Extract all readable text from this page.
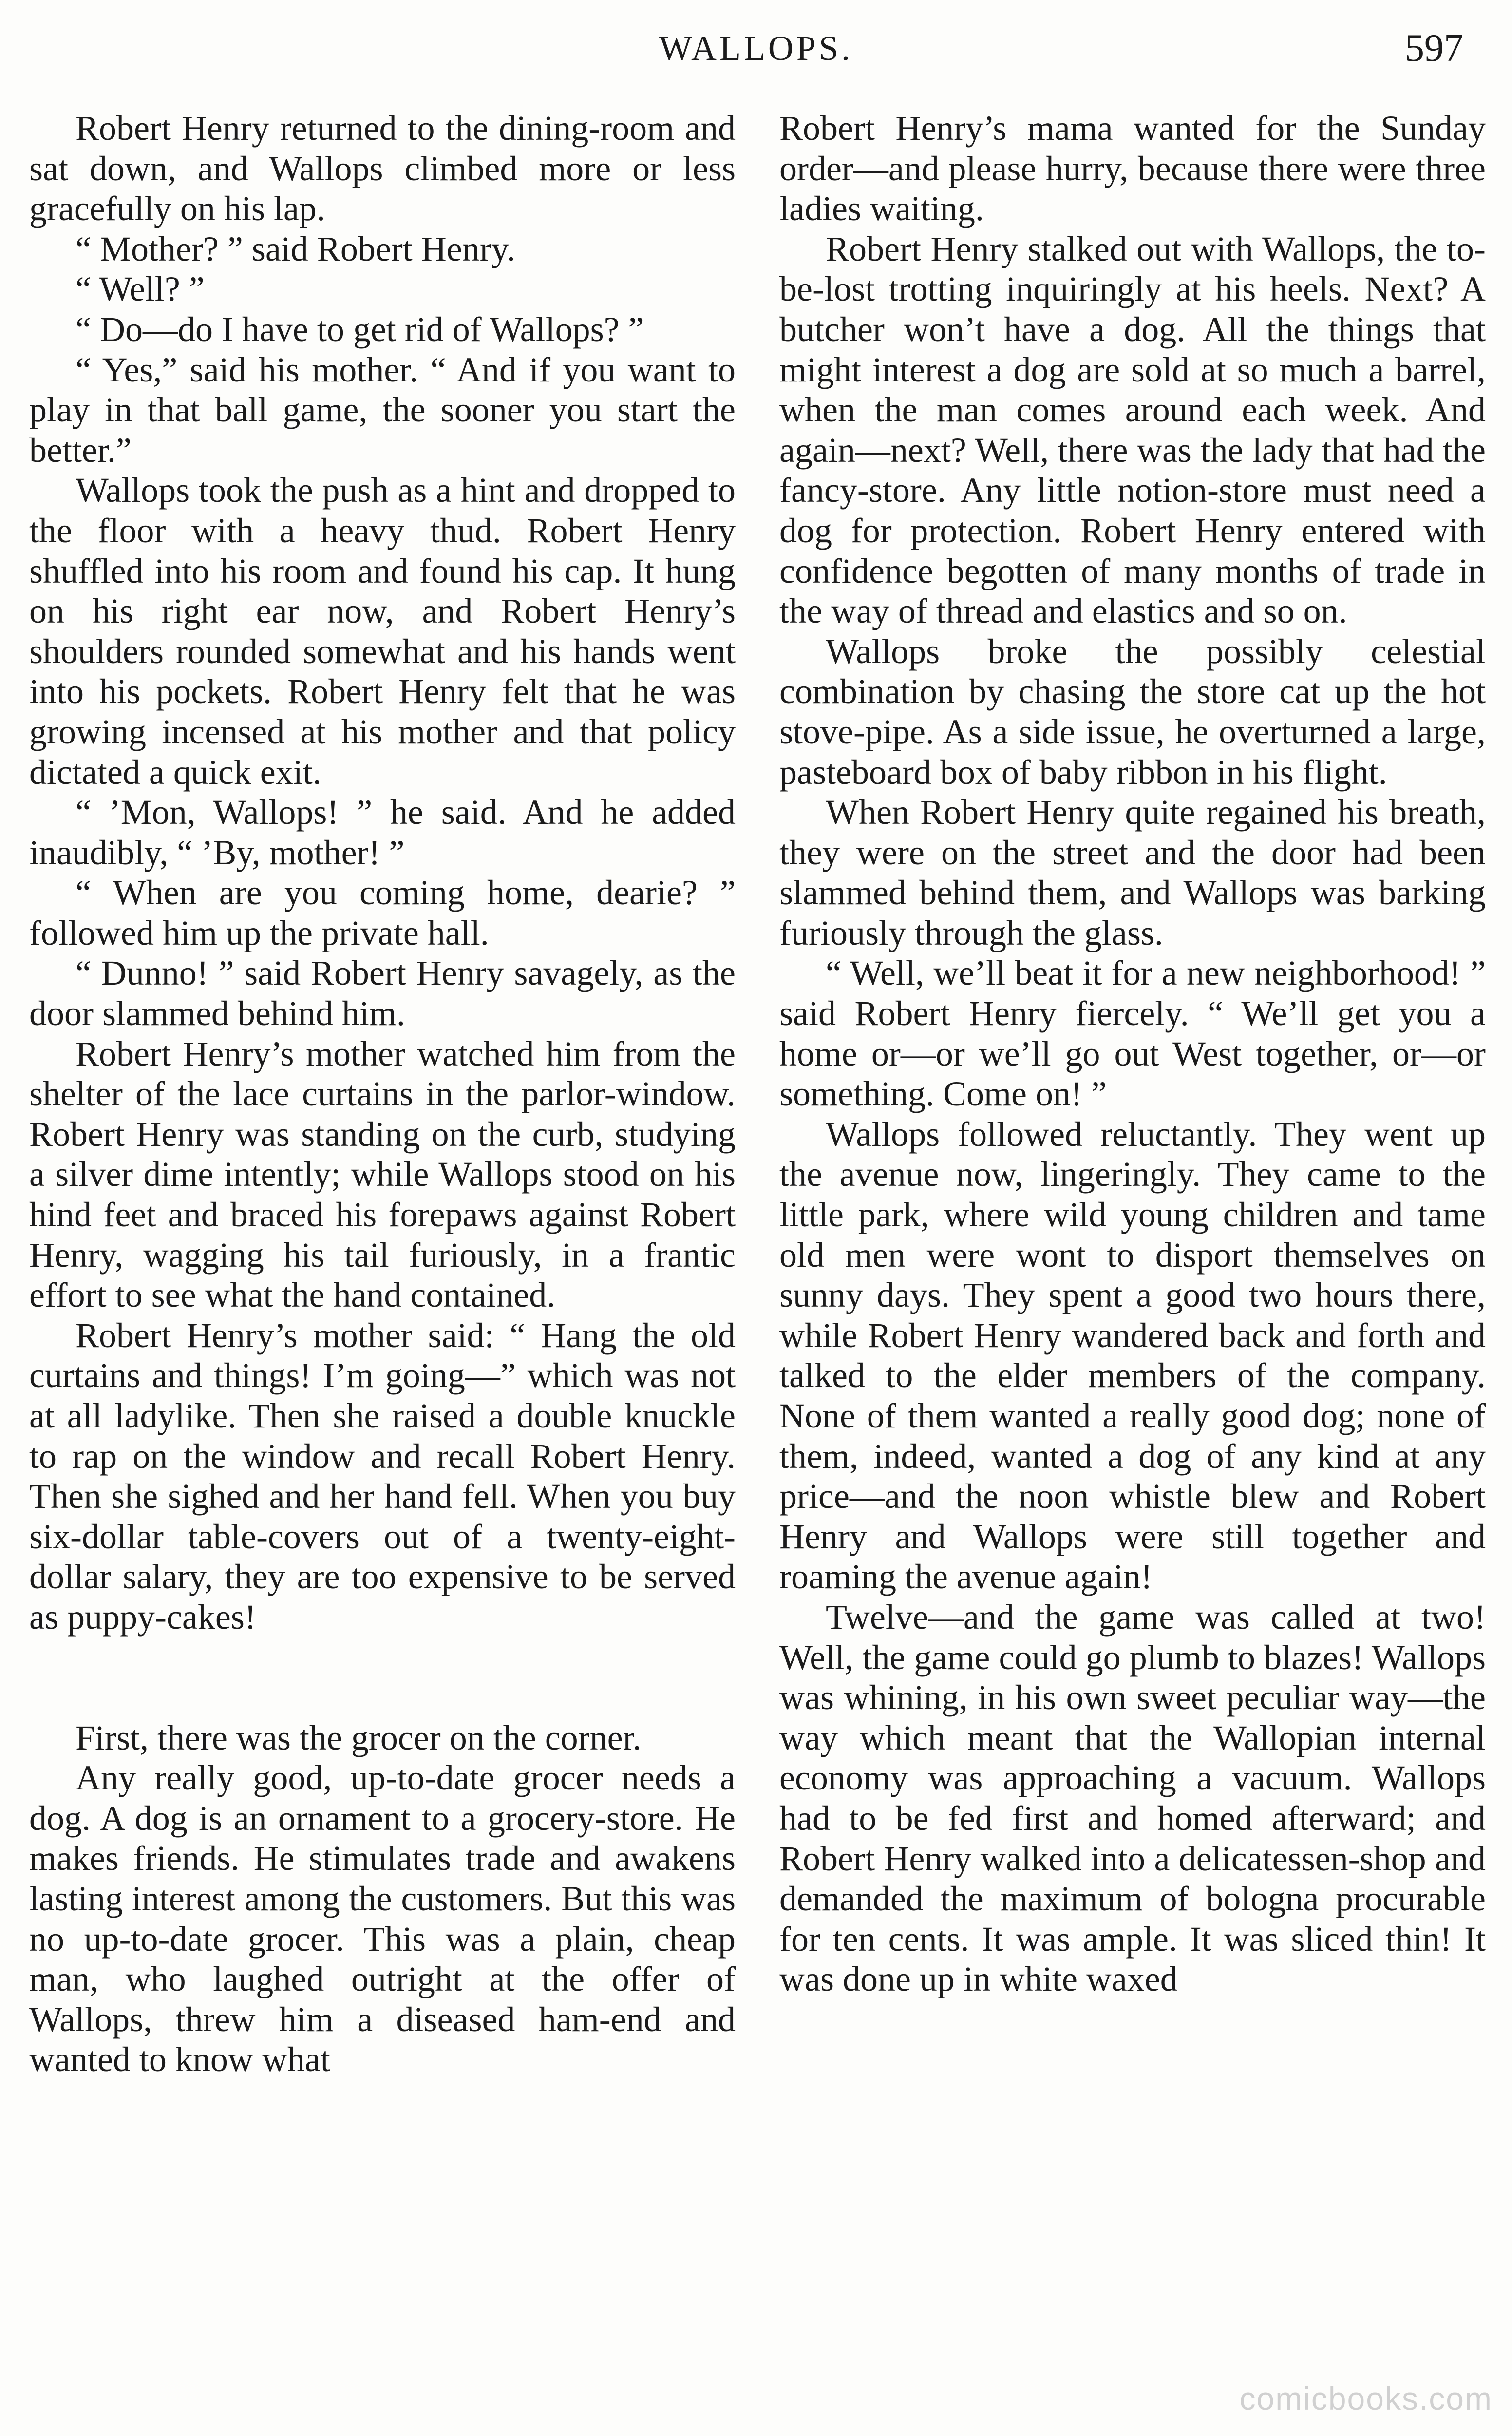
WALLOPS.	597

Robert Henry returned to the dining-room and sat down, and Wallops climbed more or less gracefully on his lap.

“ Mother? ” said Robert Henry.

“ Well? ”

“ Do—do I have to get rid of Wallops? ”

“ Yes,” said his mother. “ And if you want to play in that ball game, the sooner you start the better.”

Wallops took the push as a hint and dropped to the floor with a heavy thud. Robert Henry shuffled into his room and found his cap. It hung on his right ear now, and Robert Henry’s shoulders rounded somewhat and his hands went into his pockets. Robert Henry felt that he was growing incensed at his mother and that policy dictated a quick exit.

“ ’Mon, Wallops! ” he said. And he added inaudibly, “ ’By, mother! ”

“ When are you coming home, dearie? ” followed him up the private hall.

“ Dunno! ” said Robert Henry savagely, as the door slammed behind him.

Robert Henry’s mother watched him from the shelter of the lace curtains in the parlor-window. Robert Henry was standing on the curb, studying a silver dime intently; while Wallops stood on his hind feet and braced his forepaws against Robert Henry, wagging his tail furiously, in a frantic effort to see what the hand contained.

Robert Henry’s mother said: “ Hang the old curtains and things! I’m going—” which was not at all ladylike. Then she raised a double knuckle to rap on the window and recall Robert Henry. Then she sighed and her hand fell. When you buy six-dollar table-covers out of a twenty-eight-dollar salary, they are too expensive to be served as puppy-cakes!

First, there was the grocer on the corner.

Any really good, up-to-date grocer needs a dog. A dog is an ornament to a grocery-store. He makes friends. He stimulates trade and awakens lasting interest among the customers. But this was no up-to-date grocer. This was a plain, cheap man, who laughed outright at the offer of Wallops, threw him a diseased ham-end and wanted to know what

Robert Henry’s mama wanted for the Sunday order—and please hurry, because there were three ladies waiting.

Robert Henry stalked out with Wallops, the to-be-lost trotting inquiringly at his heels. Next? A butcher won’t have a dog. All the things that might interest a dog are sold at so much a barrel, when the man comes around each week. And again—next? Well, there was the lady that had the fancy-store. Any little notion-store must need a dog for protection. Robert Henry entered with confidence begotten of many months of trade in the way of thread and elastics and so on.

Wallops broke the possibly celestial combination by chasing the store cat up the hot stove-pipe. As a side issue, he overturned a large, pasteboard box of baby ribbon in his flight.

When Robert Henry quite regained his breath, they were on the street and the door had been slammed behind them, and Wallops was barking furiously through the glass.

“ Well, we’ll beat it for a new neighborhood! ” said Robert Henry fiercely. “ We’ll get you a home or—or we’ll go out West together, or—or something. Come on! ”

Wallops followed reluctantly. They went up the avenue now, lingeringly. They came to the little park, where wild young children and tame old men were wont to disport themselves on sunny days. They spent a good two hours there, while Robert Henry wandered back and forth and talked to the elder members of the company. None of them wanted a really good dog; none of them, indeed, wanted a dog of any kind at any price—and the noon whistle blew and Robert Henry and Wallops were still together and roaming the avenue again!

Twelve—and the game was called at two! Well, the game could go plumb to blazes! Wallops was whining, in his own sweet peculiar way—the way which meant that the Wallopian internal economy was approaching a vacuum. Wallops had to be fed first and homed afterward; and Robert Henry walked into a delicatessen-shop and demanded the maximum of bologna procurable for ten cents. It was ample. It was sliced thin! It was done up in white waxed

comicbooks.com
